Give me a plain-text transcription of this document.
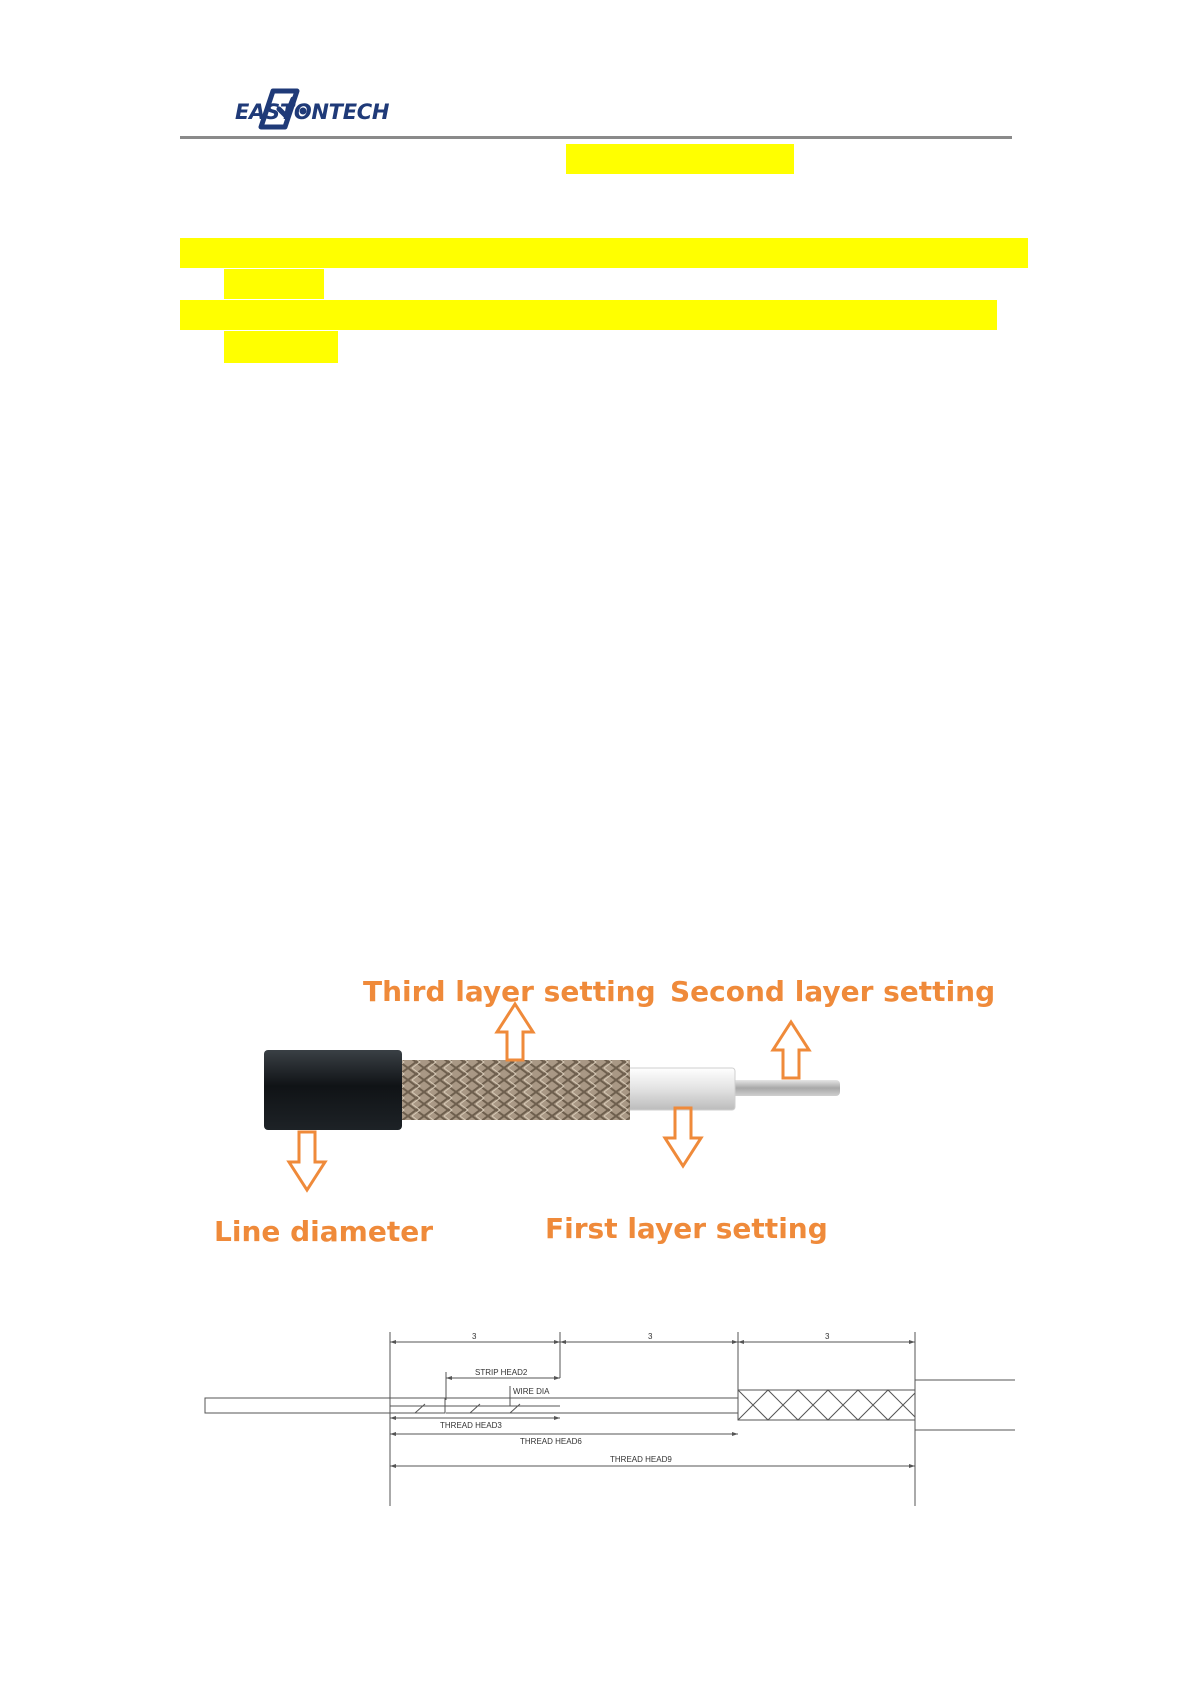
EASTONTECH
Third layer setting Second layer setting
Line diameter	First layer setting
3	3	3
STRIP HEAD2
WIRE DIA
THREAD HEAD3
THREAD HEAD6
THREAD HEAD9
